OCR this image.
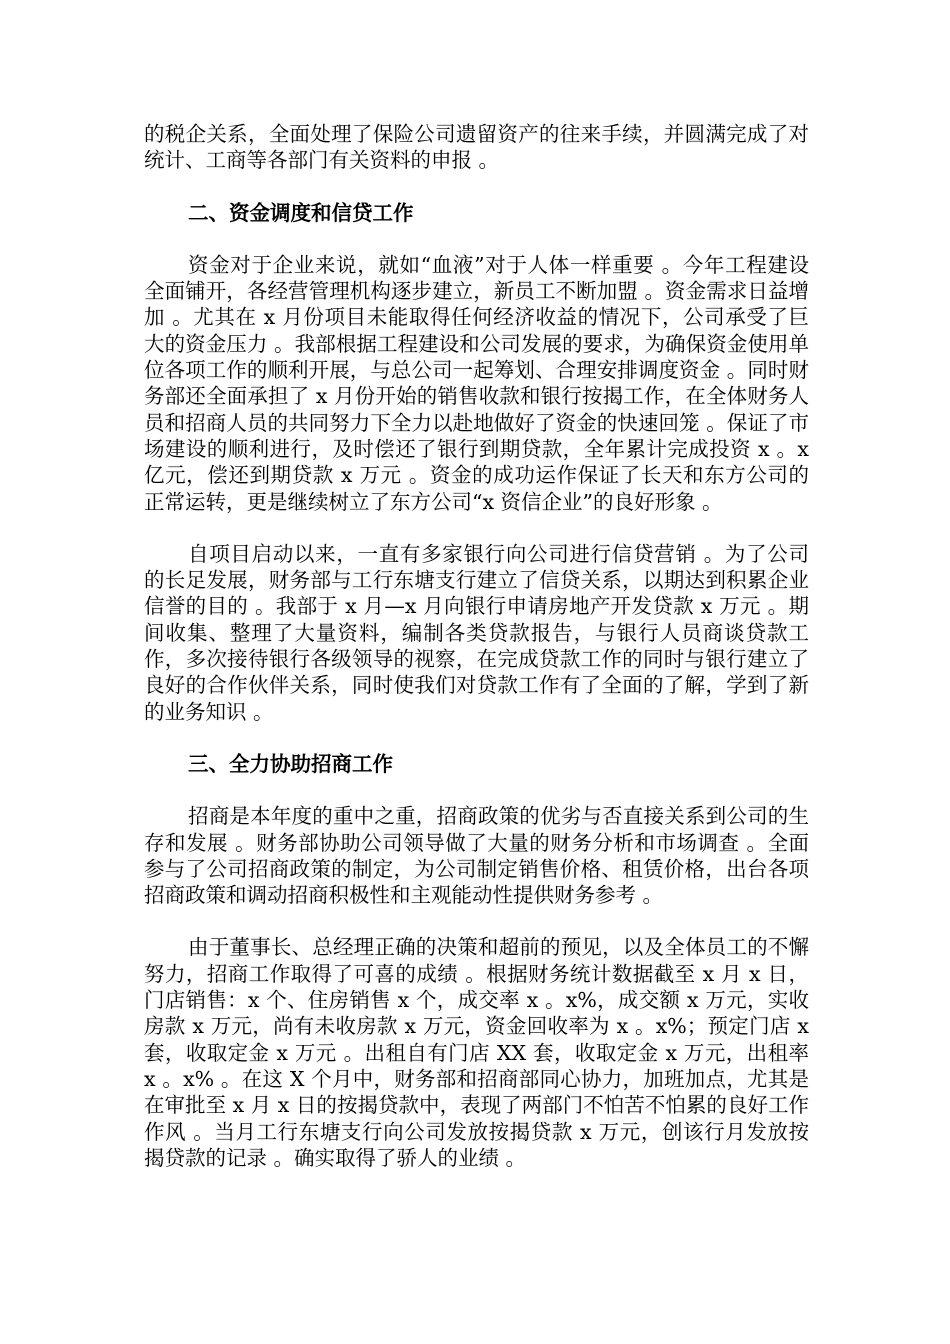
的税企关系，全面处理了保险公司遗留资产的往来手续，并圆满完成了对统计、工商等各部门有关资料的申报 。

二、资金调度和信贷工作

资金对于企业来说，就如“血液”对于人体一样重要 。今年工程建设全面铺开，各经营管理机构逐步建立，新员工不断加盟 。资金需求日益增加 。尤其在 x 月份项目未能取得任何经济收益的情况下，公司承受了巨大的资金压力 。我部根据工程建设和公司发展的要求，为确保资金使用单位各项工作的顺利开展，与总公司一起筹划、合理安排调度资金 。同时财务部还全面承担了 x 月份开始的销售收款和银行按揭工作，在全体财务人员和招商人员的共同努力下全力以赴地做好了资金的快速回笼 。保证了市场建设的顺利进行，及时偿还了银行到期贷款，全年累计完成投资 x 。x 亿元，偿还到期贷款 x 万元 。资金的成功运作保证了长天和东方公司的正常运转，更是继续树立了东方公司“x 资信企业”的良好形象 。

自项目启动以来，一直有多家银行向公司进行信贷营销 。为了公司的长足发展，财务部与工行东塘支行建立了信贷关系，以期达到积累企业信誉的目的 。我部于 x 月—x 月向银行申请房地产开发贷款 x 万元 。期间收集、整理了大量资料，编制各类贷款报告，与银行人员商谈贷款工作，多次接待银行各级领导的视察，在完成贷款工作的同时与银行建立了良好的合作伙伴关系，同时使我们对贷款工作有了全面的了解，学到了新的业务知识 。

三、全力协助招商工作

招商是本年度的重中之重，招商政策的优劣与否直接关系到公司的生存和发展 。财务部协助公司领导做了大量的财务分析和市场调查 。全面参与了公司招商政策的制定，为公司制定销售价格、租赁价格，出台各项招商政策和调动招商积极性和主观能动性提供财务参考 。

由于董事长、总经理正确的决策和超前的预见，以及全体员工的不懈努力，招商工作取得了可喜的成绩 。根据财务统计数据截至 x 月 x 日，门店销售：x 个、住房销售 x 个，成交率 x 。x%，成交额 x 万元，实收房款 x 万元，尚有未收房款 x 万元，资金回收率为 x 。x%；预定门店 x 套，收取定金 x 万元 。出租自有门店 XX 套，收取定金 x 万元，出租率 x 。x% 。在这 X 个月中，财务部和招商部同心协力，加班加点，尤其是在审批至 x 月 x 日的按揭贷款中，表现了两部门不怕苦不怕累的良好工作作风 。当月工行东塘支行向公司发放按揭贷款 x 万元，创该行月发放按揭贷款的记录 。确实取得了骄人的业绩 。
